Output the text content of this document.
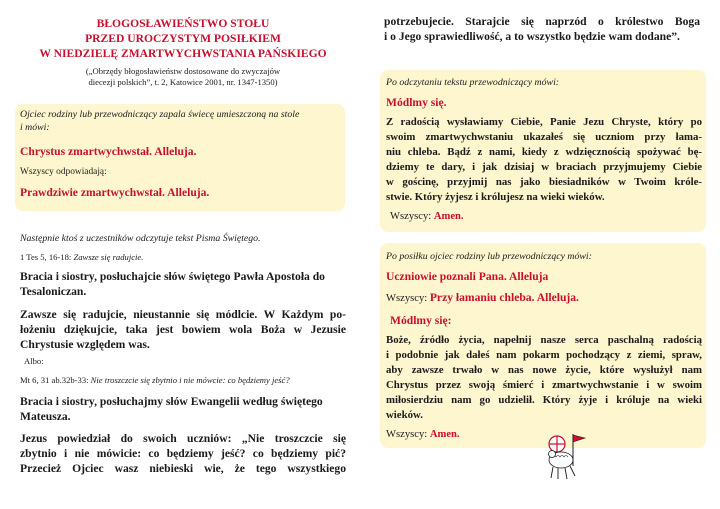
BŁOGOSŁAWIEŃSTWO STOŁU
PRZED UROCZYSTYM POSIŁKIEM
W NIEDZIELĘ ZMARTWYCHWSTANIA PAŃSKIEGO
(„Obrzędy błogosławieństw dostosowane do zwyczajów
diecezji polskich”, t. 2, Katowice 2001, nr. 1347-1350)
Ojciec rodziny lub przewodniczący zapala świecę umieszczoną na stole
i mówi:
Chrystus zmartwychwstał. Alleluja.
Wszyscy odpowiadają:
Prawdziwie zmartwychwstał. Alleluja.
Następnie ktoś z uczestników odczytuje tekst Pisma Świętego.
1 Tes 5, 16-18: Zawsze się radujcie.
Bracia i siostry, posłuchajcie słów świętego Pawła Apostoła do
Tesaloniczan.
Zawsze się radujcie, nieustannie się módlcie. W Każdym po-
łożeniu dziękujcie, taka jest bowiem wola Boża w Jezusie
Chrystusie względem was.
Albo:
Mt 6, 31 ab.32b-33: Nie troszczcie się zbytnio i nie mówcie: co będziemy jeść?
Bracia i siostry, posłuchajmy słów Ewangelii według świętego
Mateusza.
Jezus powiedział do swoich uczniów: „Nie troszczcie się
zbytnio i nie mówicie: co będziemy jeść? co będziemy pić?
Przecież Ojciec wasz niebieski wie, że tego wszystkiego
potrzebujecie. Starajcie się naprzód o królestwo Boga
i o Jego sprawiedliwość, a to wszystko będzie wam dodane”.
Po odczytaniu tekstu przewodniczący mówi:
Módlmy się.
Z radością wysławiamy Ciebie, Panie Jezu Chryste, który po
swoim zmartwychwstaniu ukazałeś się uczniom przy łama-
niu chleba. Bądź z nami, kiedy z wdzięcznością spożywać bę-
dziemy te dary, i jak dzisiaj w braciach przyjmujemy Ciebie
w gościnę, przyjmij nas jako biesiadników w Twoim króle-
stwie. Który żyjesz i królujesz na wieki wieków.
Wszyscy: Amen.
Po posiłku ojciec rodziny lub przewodniczący mówi:
Uczniowie poznali Pana. Alleluja
Wszyscy: Przy łamaniu chleba. Alleluja.
Módlmy się:
Boże, źródło życia, napełnij nasze serca paschalną radością
i podobnie jak dałeś nam pokarm pochodzący z ziemi, spraw,
aby zawsze trwało w nas nowe życie, które wysłużył nam
Chrystus przez swoją śmierć i zmartwychwstanie i w swoim
miłosierdziu nam go udzielił. Który żyje i króluje na wieki
wieków.
Wszyscy: Amen.
